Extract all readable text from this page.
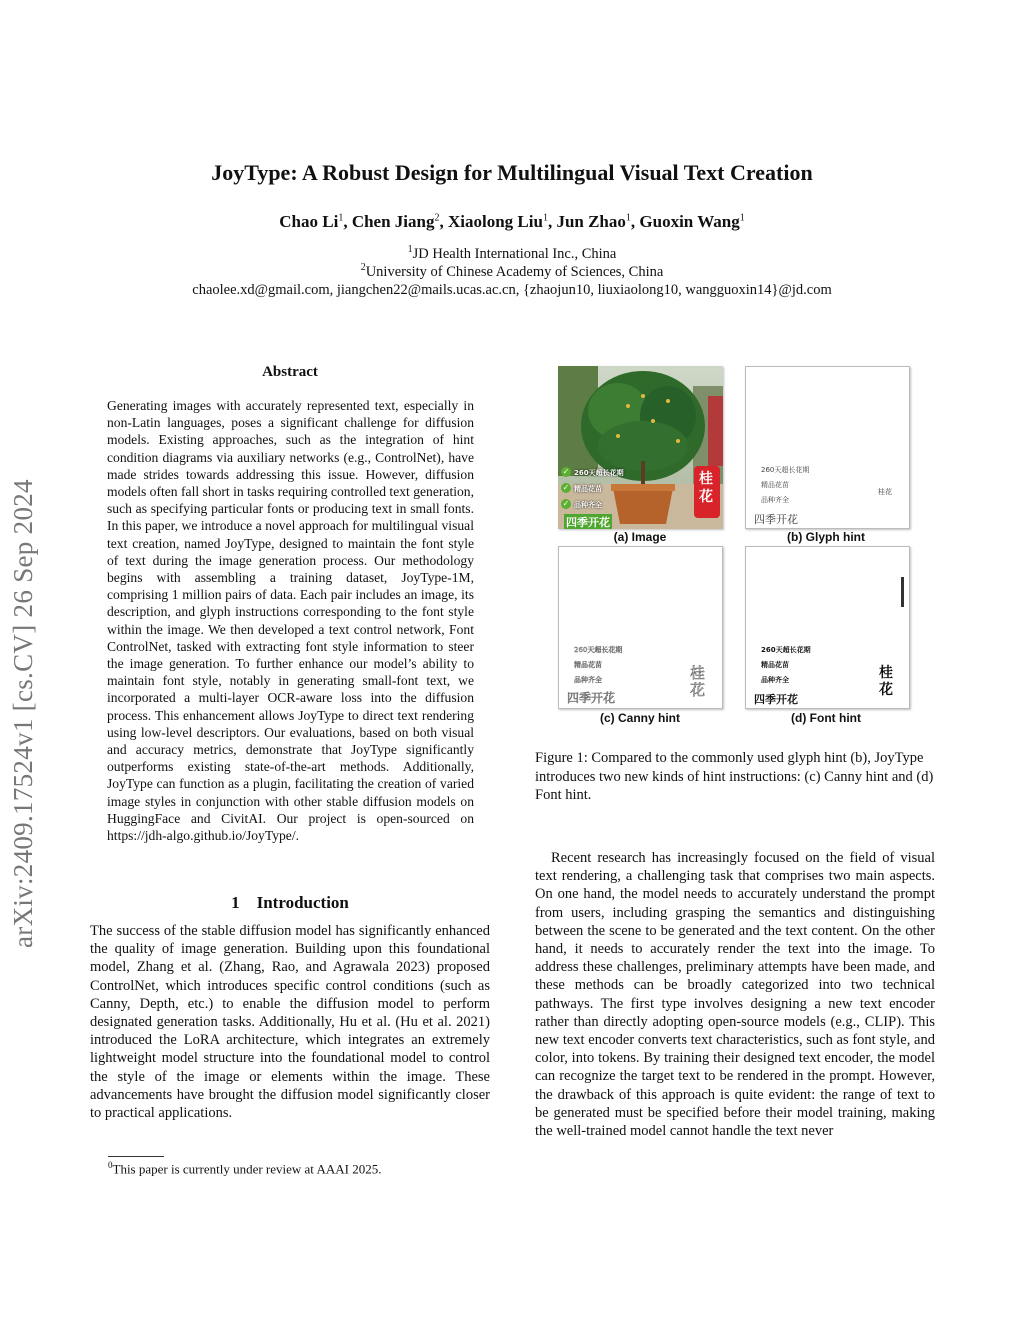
arXiv:2409.17524v1 [cs.CV] 26 Sep 2024
JoyType: A Robust Design for Multilingual Visual Text Creation
Chao Li$^1$, Chen Jiang$^2$, Xiaolong Liu$^1$, Jun Zhao$^1$, Guoxin Wang$^1$
$^1$JD Health International Inc., China
$^2$University of Chinese Academy of Sciences, China
chaolee.xd@gmail.com, jiangchen22@mails.ucas.ac.cn, {zhaojun10, liuxiaolong10, wangguoxin14}@jd.com
Abstract
Generating images with accurately represented text, especially in non-Latin languages, poses a significant challenge for diffusion models. Existing approaches, such as the integration of hint condition diagrams via auxiliary networks (e.g., ControlNet), have made strides towards addressing this issue. However, diffusion models often fall short in tasks requiring controlled text generation, such as specifying particular fonts or producing text in small fonts. In this paper, we introduce a novel approach for multilingual visual text creation, named JoyType, designed to maintain the font style of text during the image generation process. Our methodology begins with assembling a training dataset, JoyType-1M, comprising 1 million pairs of data. Each pair includes an image, its description, and glyph instructions corresponding to the font style within the image. We then developed a text control network, Font ControlNet, tasked with extracting font style information to steer the image generation. To further enhance our model’s ability to maintain font style, notably in generating small-font text, we incorporated a multi-layer OCR-aware loss into the diffusion process. This enhancement allows JoyType to direct text rendering using low-level descriptors. Our evaluations, based on both visual and accuracy metrics, demonstrate that JoyType significantly outperforms existing state-of-the-art methods. Additionally, JoyType can function as a plugin, facilitating the creation of varied image styles in conjunction with other stable diffusion models on HuggingFace and CivitAI. Our project is open-sourced on https://jdh-algo.github.io/JoyType/.
1 Introduction
The success of the stable diffusion model has significantly enhanced the quality of image generation. Building upon this foundational model, Zhang et al. (Zhang, Rao, and Agrawala 2023) proposed ControlNet, which introduces specific control conditions (such as Canny, Depth, etc.) to enable the diffusion model to perform designated generation tasks. Additionally, Hu et al. (Hu et al. 2021) introduced the LoRA architecture, which integrates an extremely lightweight model structure into the foundational model to control the style of the image or elements within the image. These advancements have brought the diffusion model significantly closer to practical applications.
$^0$This paper is currently under review at AAAI 2025.
260天超长花期
精品花苗
品种齐全
✓
✓
✓
四季开花
桂花
(a) Image
260天超长花期
精品花苗
品种齐全
四季开花
桂花
(b) Glyph hint
260天超长花期
精品花苗
品种齐全
四季开花
桂花
(c) Canny hint
260天超长花期
精品花苗
品种齐全
四季开花
桂花
(d) Font hint
Figure 1: Compared to the commonly used glyph hint (b), JoyType introduces two new kinds of hint instructions: (c) Canny hint and (d) Font hint.
Recent research has increasingly focused on the field of visual text rendering, a challenging task that comprises two main aspects. On one hand, the model needs to accurately understand the prompt from users, including grasping the semantics and distinguishing between the scene to be generated and the text content. On the other hand, it needs to accurately render the text into the image. To address these challenges, preliminary attempts have been made, and these methods can be broadly categorized into two technical pathways. The first type involves designing a new text encoder rather than directly adopting open-source models (e.g., CLIP). This new text encoder converts text characteristics, such as font style, and color, into tokens. By training their designed text encoder, the model can recognize the target text to be rendered in the prompt. However, the drawback of this approach is quite evident: the range of text to be generated must be specified before their model training, making the well-trained model cannot handle the text never
